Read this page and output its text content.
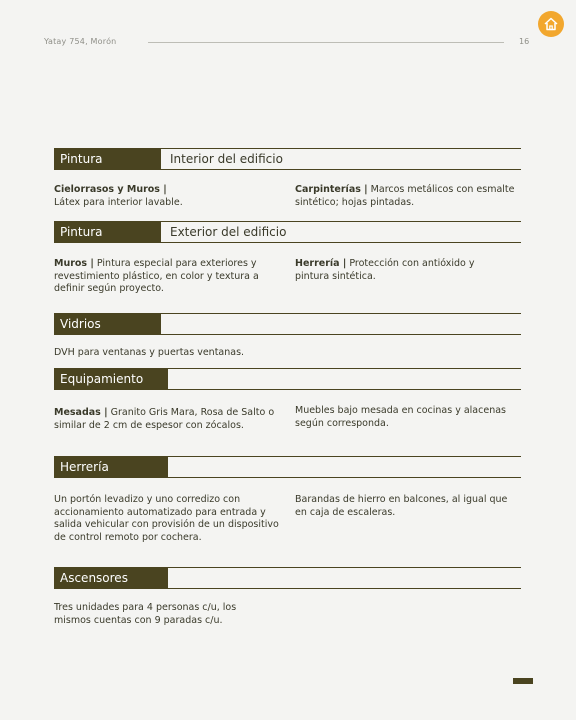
Yatay 754, Morón	16
Pintura	Interior del edificio
Cielorrasos y Muros |
Látex para interior lavable.
Carpinterías | Marcos metálicos con esmalte sintético; hojas pintadas.
Pintura	Exterior del edificio
Muros | Pintura especial para exteriores y revestimiento plástico, en color y textura a definir según proyecto.
Herrería | Protección con antióxido y pintura sintética.
Vidrios
DVH para ventanas y puertas ventanas.
Equipamiento
Mesadas | Granito Gris Mara, Rosa de Salto o similar de 2 cm de espesor con zócalos.
Muebles bajo mesada en cocinas y alacenas según corresponda.
Herrería
Un portón levadizo y uno corredizo con accionamiento automatizado para entrada y salida vehicular con provisión de un dispositivo de control remoto por cochera.
Barandas de hierro en balcones, al igual que en caja de escaleras.
Ascensores
Tres unidades para 4 personas c/u, los mismos cuentas con 9 paradas c/u.
